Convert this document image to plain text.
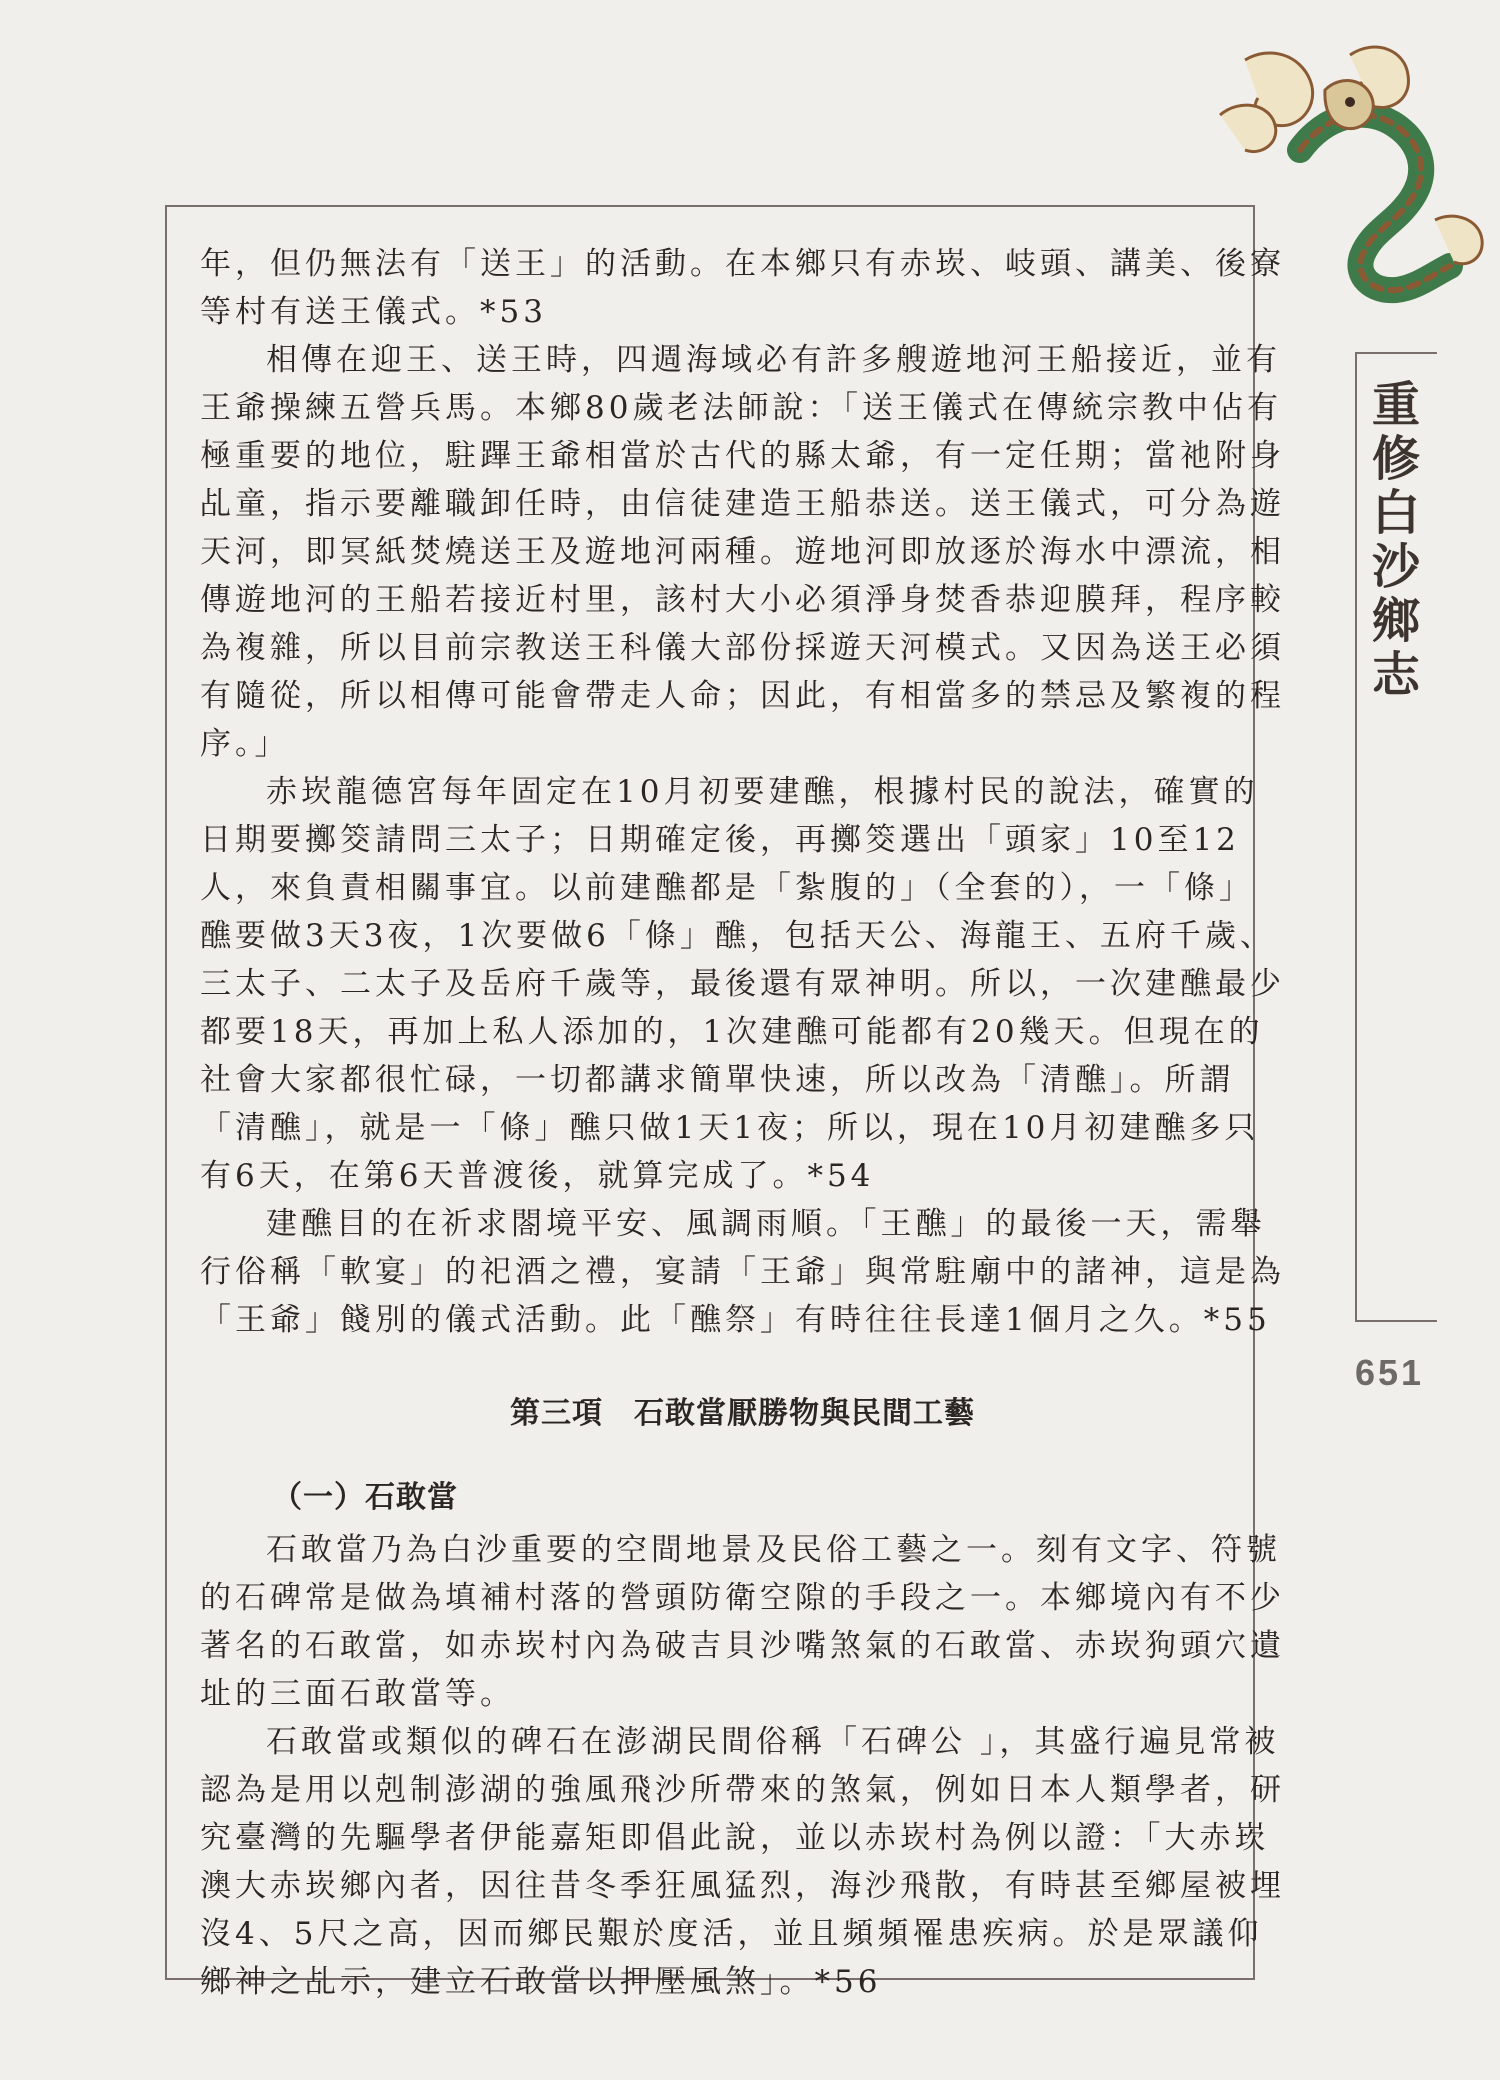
重修白沙鄉志
651

年，但仍無法有「送王」的活動。在本鄉只有赤崁、岐頭、講美、後寮等村有送王儀式。*53

相傳在迎王、送王時，四週海域必有許多艘遊地河王船接近，並有王爺操練五營兵馬。本鄉80歲老法師說：「送王儀式在傳統宗教中佔有極重要的地位，駐蹕王爺相當於古代的縣太爺，有一定任期；當祂附身乩童，指示要離職卸任時，由信徒建造王船恭送。送王儀式，可分為遊天河，即冥紙焚燒送王及遊地河兩種。遊地河即放逐於海水中漂流，相傳遊地河的王船若接近村里，該村大小必須淨身焚香恭迎膜拜，程序較為複雜，所以目前宗教送王科儀大部份採遊天河模式。又因為送王必須有隨從，所以相傳可能會帶走人命；因此，有相當多的禁忌及繁複的程序。」

赤崁龍德宮每年固定在10月初要建醮，根據村民的說法，確實的日期要擲筊請問三太子；日期確定後，再擲筊選出「頭家」10至12人，來負責相關事宜。以前建醮都是「紮腹的」（全套的），一「條」醮要做3天3夜，1次要做6「條」醮，包括天公、海龍王、五府千歲、三太子、二太子及岳府千歲等，最後還有眾神明。所以，一次建醮最少都要18天，再加上私人添加的，1次建醮可能都有20幾天。但現在的社會大家都很忙碌，一切都講求簡單快速，所以改為「清醮」。所謂「清醮」，就是一「條」醮只做1天1夜；所以，現在10月初建醮多只有6天，在第6天普渡後，就算完成了。*54

建醮目的在祈求閤境平安、風調雨順。「王醮」的最後一天，需舉行俗稱「軟宴」的祀酒之禮，宴請「王爺」與常駐廟中的諸神，這是為「王爺」餞別的儀式活動。此「醮祭」有時往往長達1個月之久。*55

第三項　石敢當厭勝物與民間工藝

（一）石敢當

石敢當乃為白沙重要的空間地景及民俗工藝之一。刻有文字、符號的石碑常是做為填補村落的營頭防衛空隙的手段之一。本鄉境內有不少著名的石敢當，如赤崁村內為破吉貝沙嘴煞氣的石敢當、赤崁狗頭穴遺址的三面石敢當等。

石敢當或類似的碑石在澎湖民間俗稱「石碑公 」，其盛行遍見常被認為是用以剋制澎湖的強風飛沙所帶來的煞氣，例如日本人類學者，研究臺灣的先驅學者伊能嘉矩即倡此說，並以赤崁村為例以證：「大赤崁澳大赤崁鄉內者，因往昔冬季狂風猛烈，海沙飛散，有時甚至鄉屋被埋沒4、5尺之高，因而鄉民艱於度活，並且頻頻罹患疾病。於是眾議仰鄉神之乩示，建立石敢當以押壓風煞」。*56
